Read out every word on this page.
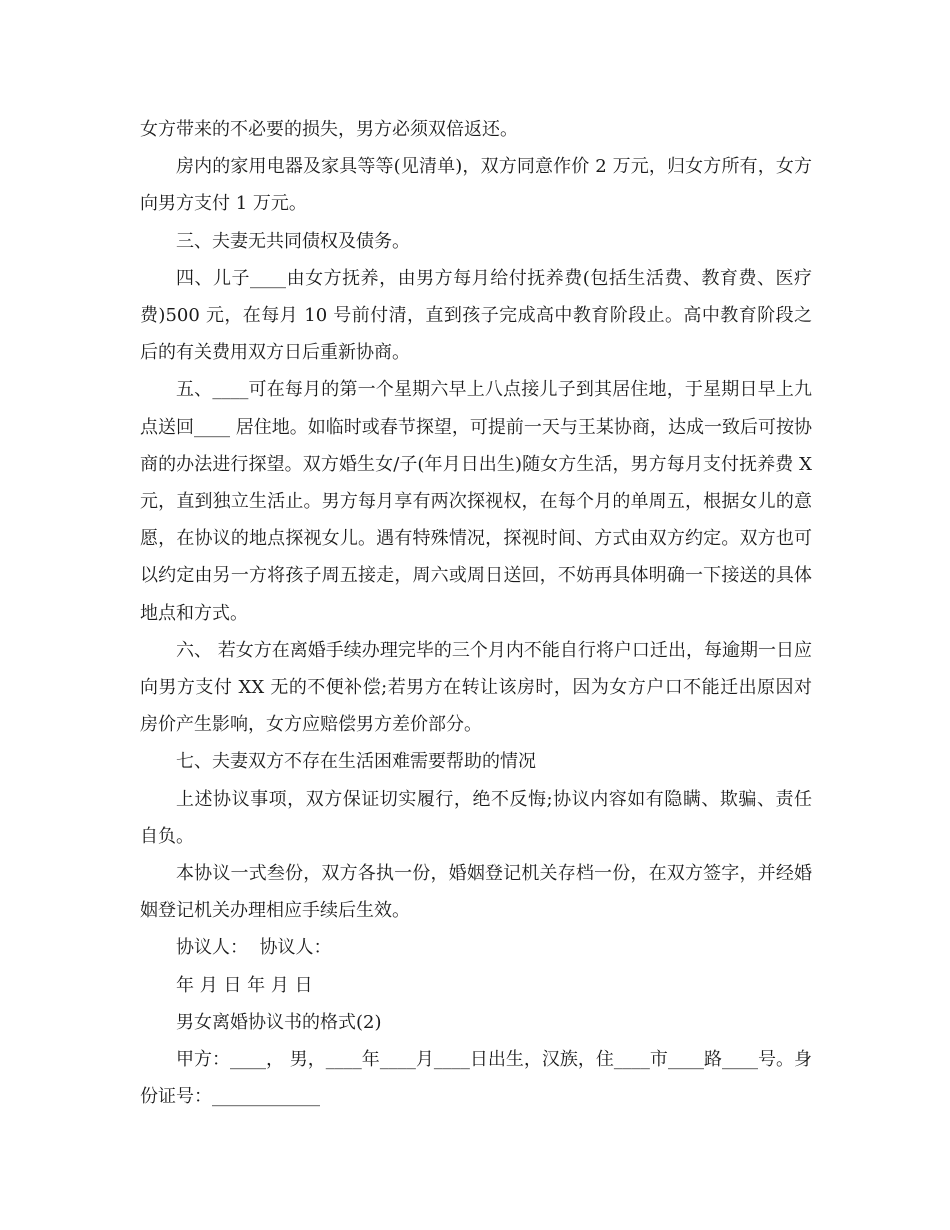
女方带来的不必要的损失，男方必须双倍返还。

房内的家用电器及家具等等(见清单)，双方同意作价 2 万元，归女方所有，女方向男方支付 1 万元。

三、夫妻无共同债权及债务。

四、儿子____由女方抚养，由男方每月给付抚养费(包括生活费、教育费、医疗费)500 元，在每月 10 号前付清，直到孩子完成高中教育阶段止。高中教育阶段之后的有关费用双方日后重新协商。

五、____可在每月的第一个星期六早上八点接儿子到其居住地，于星期日早上九点送回____ 居住地。如临时或春节探望，可提前一天与王某协商，达成一致后可按协商的办法进行探望。双方婚生女/子(年月日出生)随女方生活，男方每月支付抚养费 X 元，直到独立生活止。男方每月享有两次探视权，在每个月的单周五，根据女儿的意愿，在协议的地点探视女儿。遇有特殊情况，探视时间、方式由双方约定。双方也可以约定由另一方将孩子周五接走，周六或周日送回，不妨再具体明确一下接送的具体地点和方式。

六、 若女方在离婚手续办理完毕的三个月内不能自行将户口迁出，每逾期一日应向男方支付 XX 无的不便补偿;若男方在转让该房时，因为女方户口不能迁出原因对房价产生影响，女方应赔偿男方差价部分。

七、夫妻双方不存在生活困难需要帮助的情况

上述协议事项，双方保证切实履行，绝不反悔;协议内容如有隐瞒、欺骗、责任自负。

本协议一式叁份，双方各执一份，婚姻登记机关存档一份，在双方签字，并经婚姻登记机关办理相应手续后生效。

协议人：  协议人：

年 月 日 年 月 日

男女离婚协议书的格式(2)

甲方：____， 男，____年____月____日出生，汉族，住____市____路____号。身份证号：____________
